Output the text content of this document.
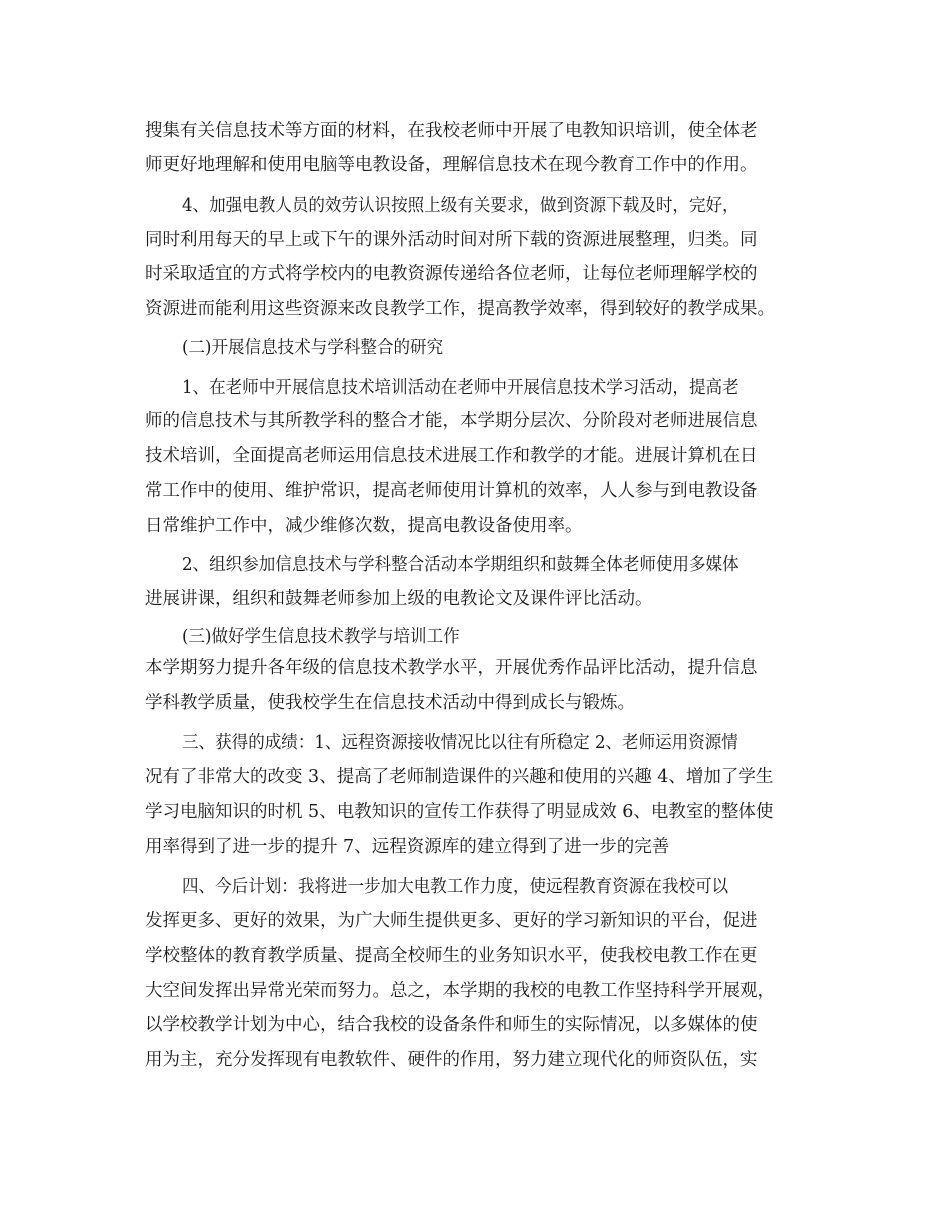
搜集有关信息技术等方面的材料，在我校老师中开展了电教知识培训，使全体老
师更好地理解和使用电脑等电教设备，理解信息技术在现今教育工作中的作用。
4、加强电教人员的效劳认识按照上级有关要求，做到资源下载及时，完好，
同时利用每天的早上或下午的课外活动时间对所下载的资源进展整理，归类。同
时采取适宜的方式将学校内的电教资源传递给各位老师，让每位老师理解学校的
资源进而能利用这些资源来改良教学工作，提高教学效率，得到较好的教学成果。
(二)开展信息技术与学科整合的研究
1、在老师中开展信息技术培训活动在老师中开展信息技术学习活动，提高老
师的信息技术与其所教学科的整合才能，本学期分层次、分阶段对老师进展信息
技术培训，全面提高老师运用信息技术进展工作和教学的才能。进展计算机在日
常工作中的使用、维护常识，提高老师使用计算机的效率，人人参与到电教设备
日常维护工作中，减少维修次数，提高电教设备使用率。
2、组织参加信息技术与学科整合活动本学期组织和鼓舞全体老师使用多媒体
进展讲课，组织和鼓舞老师参加上级的电教论文及课件评比活动。
(三)做好学生信息技术教学与培训工作
本学期努力提升各年级的信息技术教学水平，开展优秀作品评比活动，提升信息
学科教学质量，使我校学生在信息技术活动中得到成长与锻炼。
三、获得的成绩：1、远程资源接收情况比以往有所稳定 2、老师运用资源情
况有了非常大的改变 3、提高了老师制造课件的兴趣和使用的兴趣 4、增加了学生
学习电脑知识的时机 5、电教知识的宣传工作获得了明显成效 6、电教室的整体使
用率得到了进一步的提升 7、远程资源库的建立得到了进一步的完善
四、今后计划：我将进一步加大电教工作力度，使远程教育资源在我校可以
发挥更多、更好的效果，为广大师生提供更多、更好的学习新知识的平台，促进
学校整体的教育教学质量、提高全校师生的业务知识水平，使我校电教工作在更
大空间发挥出异常光荣而努力。总之，本学期的我校的电教工作坚持科学开展观，
以学校教学计划为中心，结合我校的设备条件和师生的实际情况，以多媒体的使
用为主，充分发挥现有电教软件、硬件的作用，努力建立现代化的师资队伍，实
